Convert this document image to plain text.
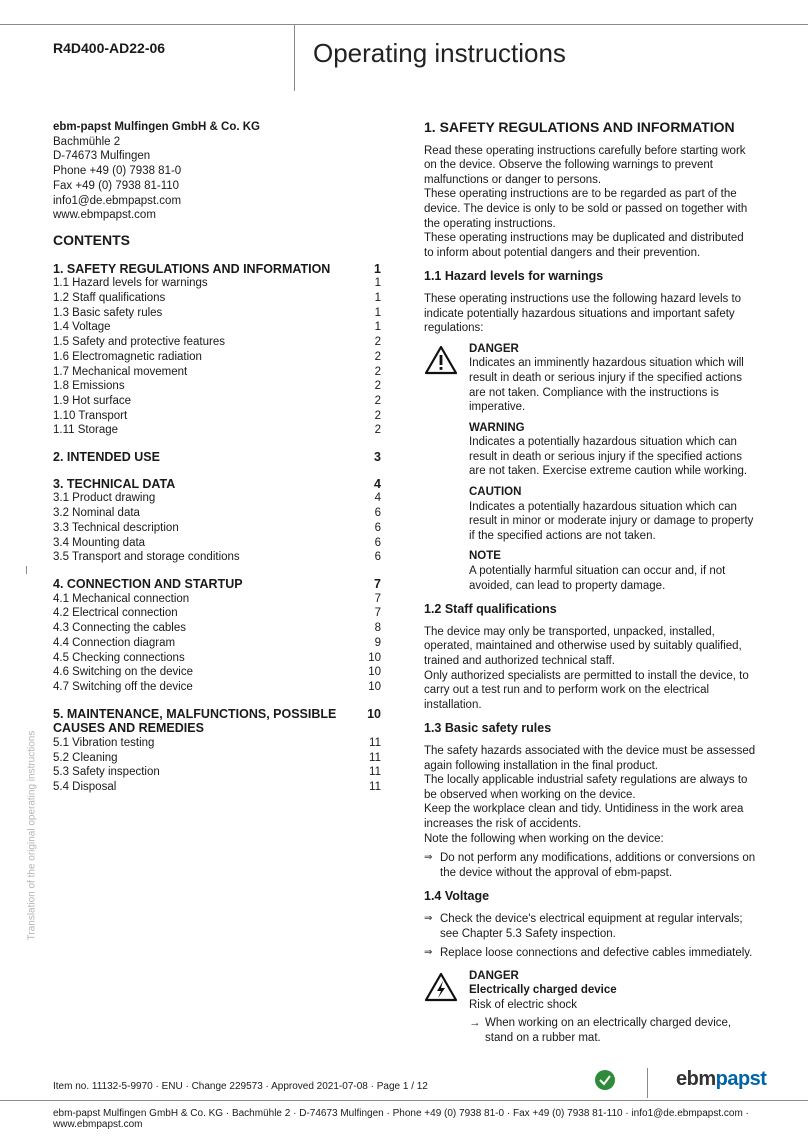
R4D400-AD22-06	Operating instructions
Translation of the original operating instructions
ebm-papst Mulfingen GmbH & Co. KG
Bachmühle 2
D-74673 Mulfingen
Phone +49 (0) 7938 81-0
Fax +49 (0) 7938 81-110
info1@de.ebmpapst.com
www.ebmpapst.com
CONTENTS
1. SAFETY REGULATIONS AND INFORMATION	1
1.1 Hazard levels for warnings	1
1.2 Staff qualifications	1
1.3 Basic safety rules	1
1.4 Voltage	1
1.5 Safety and protective features	2
1.6 Electromagnetic radiation	2
1.7 Mechanical movement	2
1.8 Emissions	2
1.9 Hot surface	2
1.10 Transport	2
1.11 Storage	2
2. INTENDED USE	3
3. TECHNICAL DATA	4
3.1 Product drawing	4
3.2 Nominal data	6
3.3 Technical description	6
3.4 Mounting data	6
3.5 Transport and storage conditions	6
4. CONNECTION AND STARTUP	7
4.1 Mechanical connection	7
4.2 Electrical connection	7
4.3 Connecting the cables	8
4.4 Connection diagram	9
4.5 Checking connections	10
4.6 Switching on the device	10
4.7 Switching off the device	10
5. MAINTENANCE, MALFUNCTIONS, POSSIBLE CAUSES AND REMEDIES
10
5.1 Vibration testing	11
5.2 Cleaning	11
5.3 Safety inspection	11
5.4 Disposal	11
1. SAFETY REGULATIONS AND INFORMATION

Read these operating instructions carefully before starting work on the device. Observe the following warnings to prevent malfunctions or danger to persons.

These operating instructions are to be regarded as part of the device. The device is only to be sold or passed on together with the operating instructions.

These operating instructions may be duplicated and distributed to inform about potential dangers and their prevention.

1.1 Hazard levels for warnings

These operating instructions use the following hazard levels to indicate potentially hazardous situations and important safety regulations:

DANGER
Indicates an imminently hazardous situation which will result in death or serious injury if the specified actions are not taken. Compliance with the instructions is imperative.
WARNING
Indicates a potentially hazardous situation which can result in death or serious injury if the specified actions are not taken. Exercise extreme caution while working.
CAUTION
Indicates a potentially hazardous situation which can result in minor or moderate injury or damage to property if the specified actions are not taken.
NOTE
A potentially harmful situation can occur and, if not avoided, can lead to property damage.
1.2 Staff qualifications

The device may only be transported, unpacked, installed, operated, maintained and otherwise used by suitably qualified, trained and authorized technical staff.

Only authorized specialists are permitted to install the device, to carry out a test run and to perform work on the electrical installation.

1.3 Basic safety rules

The safety hazards associated with the device must be assessed again following installation in the final product.

The locally applicable industrial safety regulations are always to be observed when working on the device.

Keep the workplace clean and tidy. Untidiness in the work area increases the risk of accidents.

Note the following when working on the device:

⇒ Do not perform any modifications, additions or conversions on the device without the approval of ebm-papst.
1.4 Voltage
⇒ Check the device's electrical equipment at regular intervals; see Chapter 5.3 Safety inspection.
⇒ Replace loose connections and defective cables immediately.
DANGER
Electrically charged device
Risk of electric shock
→ When working on an electrically charged device, stand on a rubber mat.
Item no. 11132-5-9970 · ENU · Change 229573 · Approved 2021-07-08 · Page 1 / 12	ebmpapst
ebm-papst Mulfingen GmbH & Co. KG · Bachmühle 2 · D-74673 Mulfingen · Phone +49 (0) 7938 81-0 · Fax +49 (0) 7938 81-110 · info1@de.ebmpapst.com · www.ebmpapst.com
